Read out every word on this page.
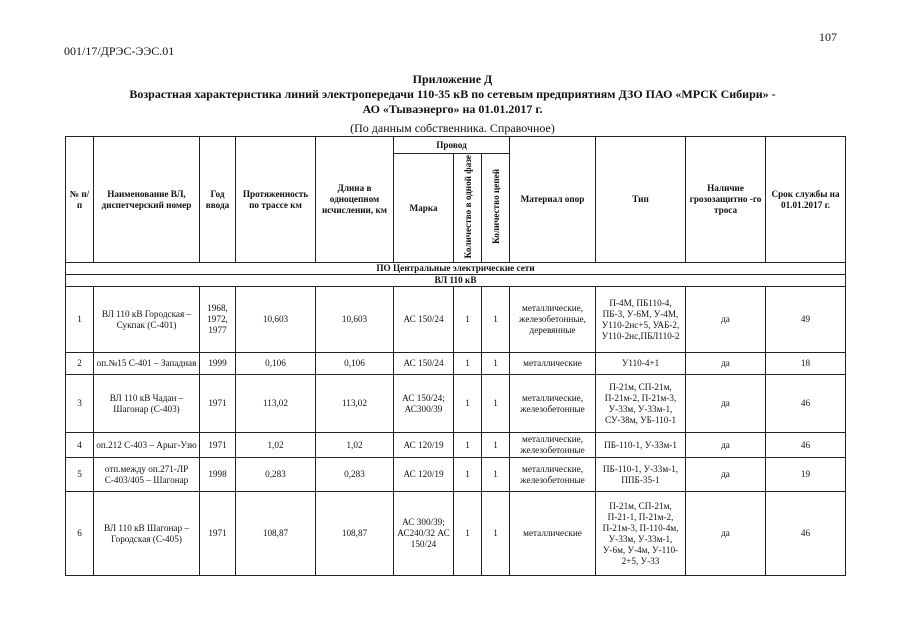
107
001/17/ДРЭС-ЭЭС.01
Приложение Д
Возрастная характеристика линий электропередачи 110-35 кВ по сетевым предприятиям ДЗО ПАО «МРСК Сибири» -
АО «Тываэнерго» на 01.01.2017 г.
(По данным собственника. Справочное)
№ п/п	Наименование ВЛ, диспетчерский номер	Год ввода	Протяженность по трассе км	Длина в одноцепном исчислении, км	Провод			Материал опор	Тип	Наличие грозозащитно -го троса	Срок службы на 01.01.2017 г.
					Марка	Количество в одной фазе	Количество цепей				
ПО Центральные электрические сети											
ВЛ 110 кВ											
1	ВЛ 110 кВ Городская – Сукпак (С-401)	1968, 1972, 1977	10,603	10,603	АС 150/24	1	1	металлические, железобетонные, деревянные	П-4М, ПБ110-4, ПБ-3, У-6М, У-4М, У110-2нс+5, УАБ-2, У110-2нс,ПБЛ110-2	да	49
2	оп.№15 С-401 – Западная	1999	0,106	0,106	АС 150/24	1	1	металлические	У110-4+1	да	18
3	ВЛ 110 кВ Чадан – Шагонар (С-403)	1971	113,02	113,02	АС 150/24; АС300/39	1	1	металлические, железобетонные	П-21м, СП-21м, П-21м-2, П-21м-3, У-33м, У-33м-1, СУ-38м, УБ-110-1	да	46
4	оп.212 С-403 – Арыг-Узю	1971	1,02	1,02	АС 120/19	1	1	металлические, железобетонные	ПБ-110-1, У-33м-1	да	46
5	отп.между оп.271-ЛР С-403/405 – Шагонар	1998	0,283	0,283	АС 120/19	1	1	металлические, железобетонные	ПБ-110-1, У-33м-1, ППБ-35-1	да	19
6	ВЛ 110 кВ Шагонар – Городская (С-405)	1971	108,87	108,87	АС 300/39; АС240/32 АС 150/24	1	1	металлические	П-21м, СП-21м, П-21-1, П-21м-2, П-21м-3, П-110-4м, У-33м, У-33м-1, У-6м, У-4м, У-110-2+5, У-33	да	46
